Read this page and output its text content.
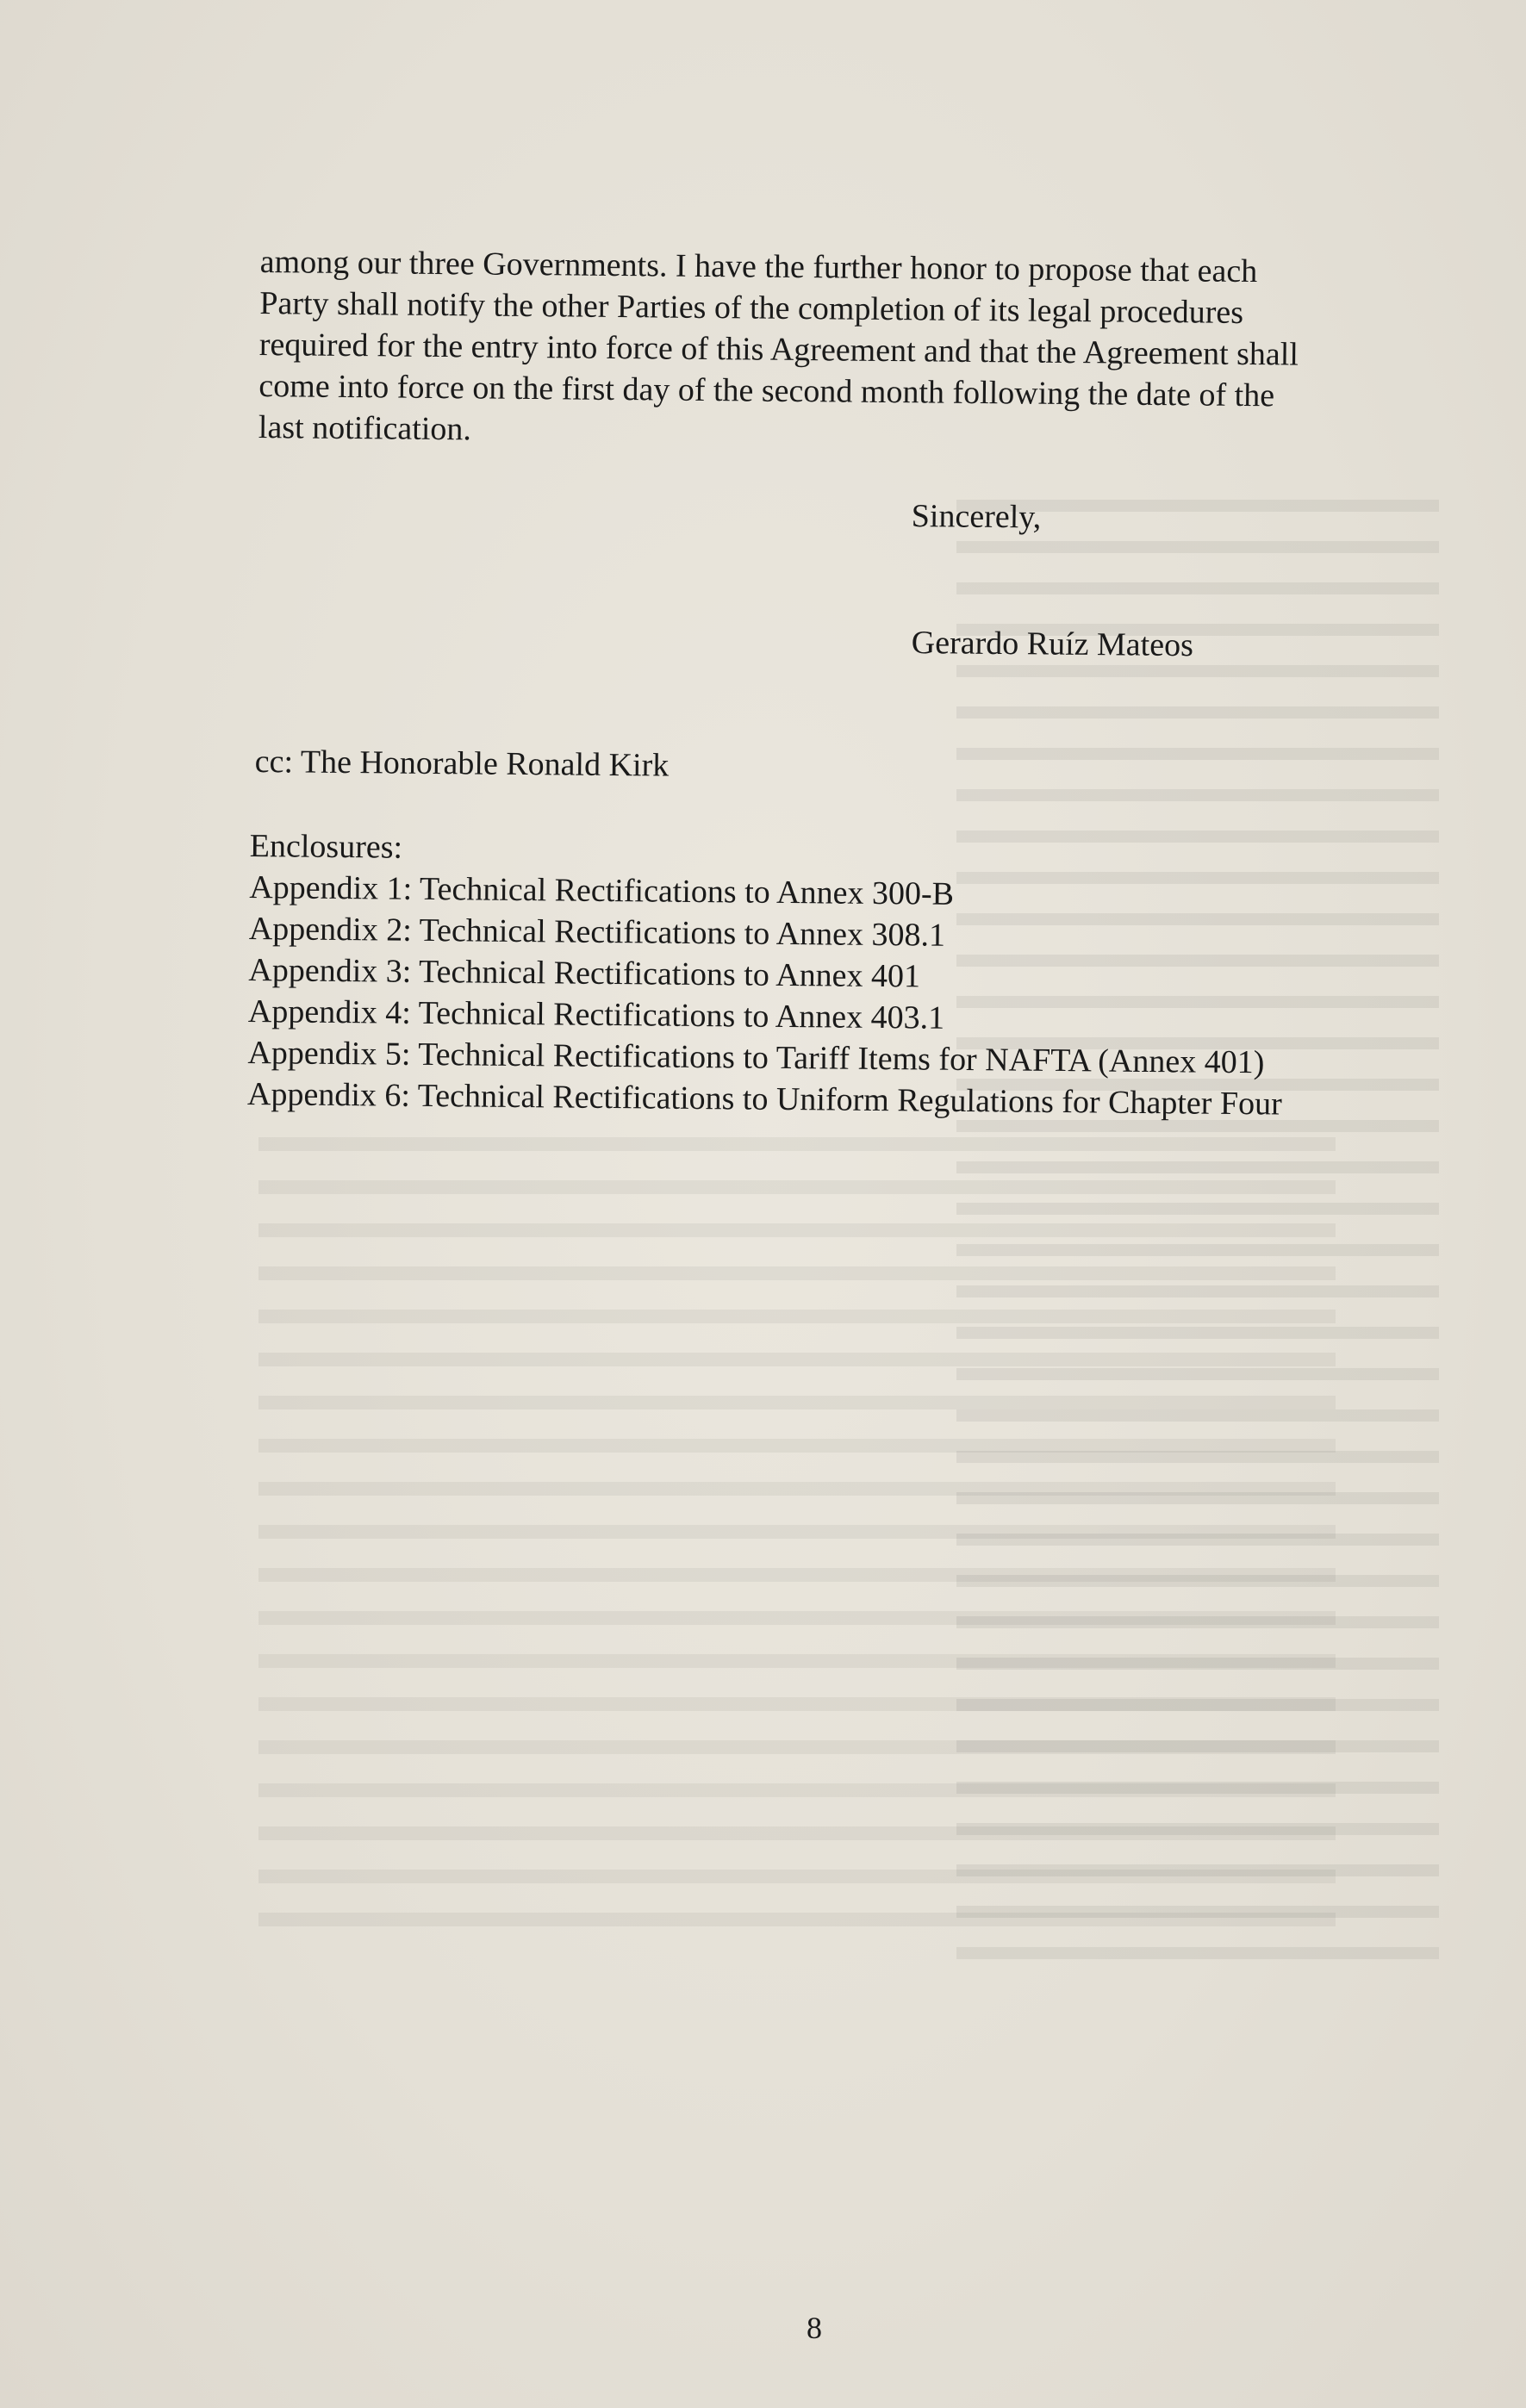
among our three Governments. I have the further honor to propose that each
Party shall notify the other Parties of the completion of its legal procedures
required for the entry into force of this Agreement and that the Agreement shall
come into force on the first day of the second month following the date of the
last notification.
Sincerely,
Gerardo Ruíz Mateos
cc: The Honorable Ronald Kirk
Enclosures:
Appendix 1: Technical Rectifications to Annex 300-B
Appendix 2: Technical Rectifications to Annex 308.1
Appendix 3: Technical Rectifications to Annex 401
Appendix 4: Technical Rectifications to Annex 403.1
Appendix 5: Technical Rectifications to Tariff Items for NAFTA (Annex 401)
Appendix 6: Technical Rectifications to Uniform Regulations for Chapter Four
8
